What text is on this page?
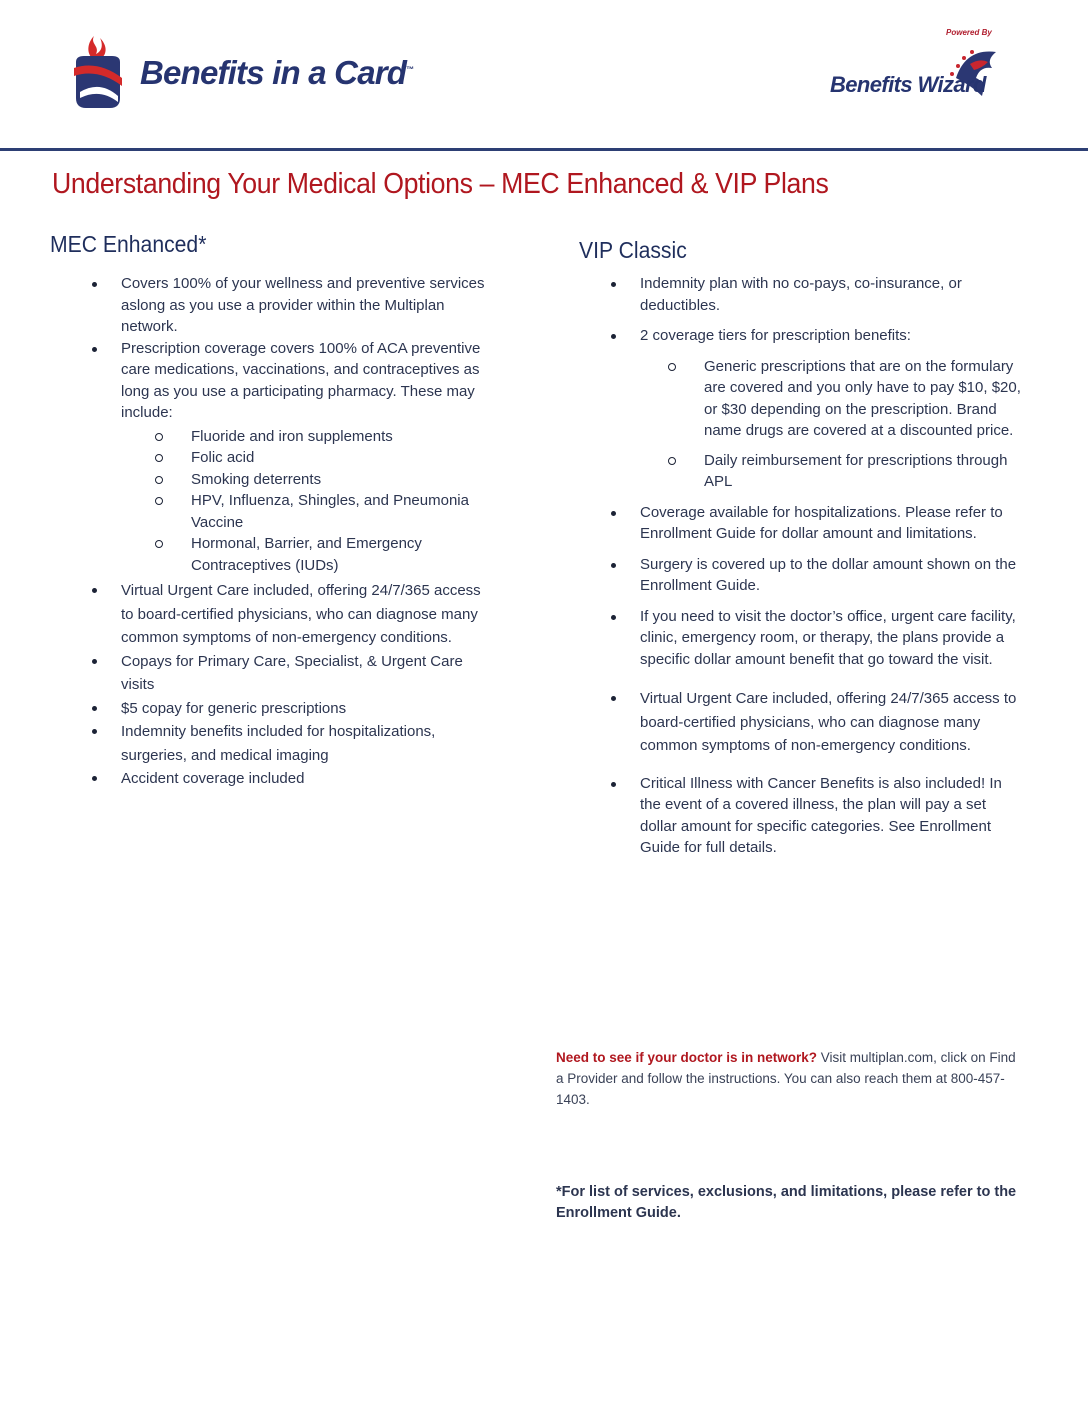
Benefits in a Card™
Powered By
Benefits Wizard
Understanding Your Medical Options – MEC Enhanced & VIP Plans
MEC Enhanced*
Covers 100% of your wellness and preventive services aslong as you use a provider within the Multiplan network.
Prescription coverage covers 100% of ACA preventive care medications, vaccinations, and contraceptives as long as you use a participating pharmacy. These may include:
Fluoride and iron supplements
Folic acid
Smoking deterrents
HPV, Influenza, Shingles, and Pneumonia Vaccine
Hormonal, Barrier, and Emergency Contraceptives (IUDs)
Virtual Urgent Care included, offering 24/7/365 access to board-certified physicians, who can diagnose many common symptoms of non-emergency conditions.
Copays for Primary Care, Specialist, & Urgent Care visits
$5 copay for generic prescriptions
Indemnity benefits included for hospitalizations, surgeries, and medical imaging
Accident coverage included
VIP Classic
Indemnity plan with no co-pays, co-insurance, or deductibles.
2 coverage tiers for prescription benefits:
Generic prescriptions that are on the formulary are covered and you only have to pay $10, $20, or $30 depending on the prescription. Brand name drugs are covered at a discounted price.
Daily reimbursement for prescriptions through APL
Coverage available for hospitalizations. Please refer to Enrollment Guide for dollar amount and limitations.
Surgery is covered up to the dollar amount shown on the Enrollment Guide.
If you need to visit the doctor’s office, urgent care facility, clinic, emergency room, or therapy, the plans provide a specific dollar amount benefit that go toward the visit.
Virtual Urgent Care included, offering 24/7/365 access to board-certified physicians, who can diagnose many common symptoms of non-emergency conditions.
Critical Illness with Cancer Benefits is also included! In the event of a covered illness, the plan will pay a set dollar amount for specific categories. See Enrollment Guide for full details.
Need to see if your doctor is in network? Visit multiplan.com, click on Find a Provider and follow the instructions. You can also reach them at 800-457-1403.
*For list of services, exclusions, and limitations, please refer to the Enrollment Guide.
